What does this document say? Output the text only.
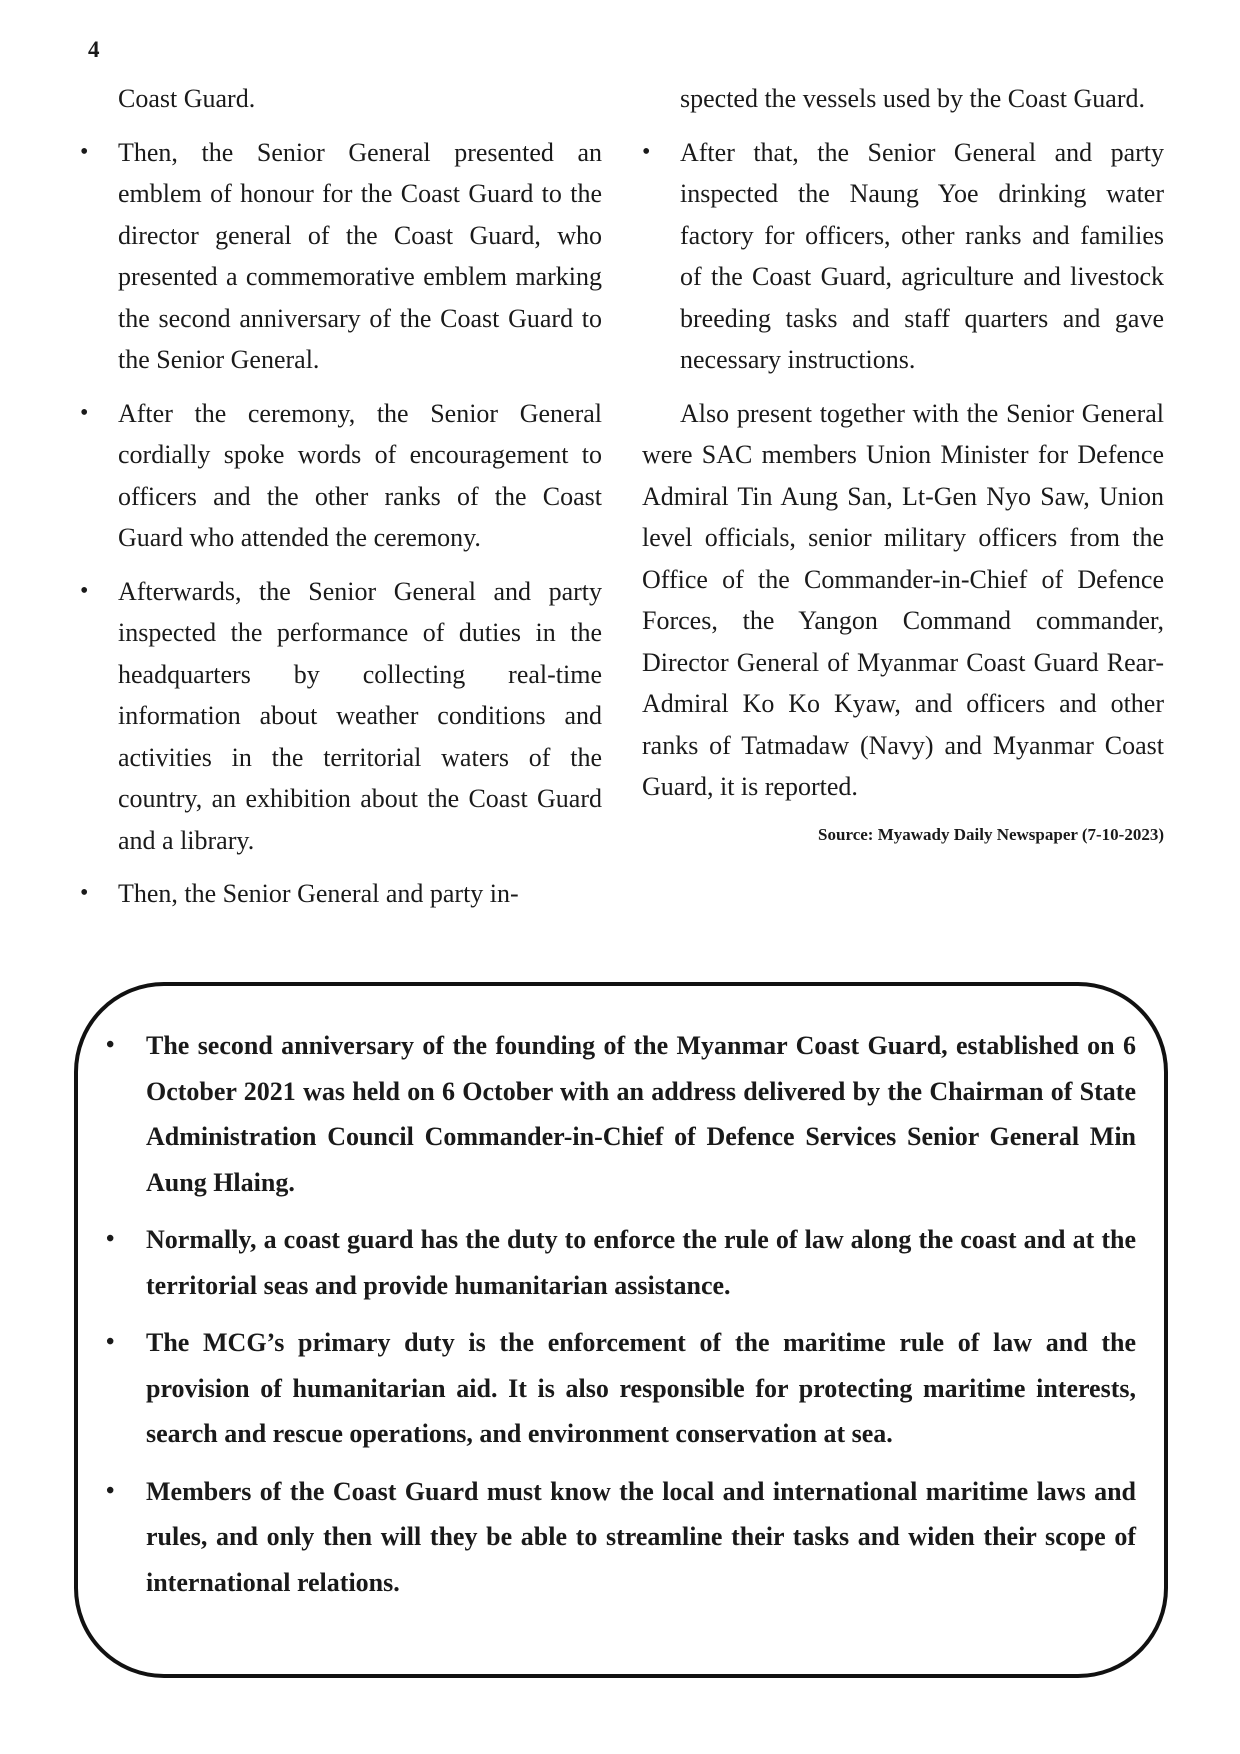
4
Coast Guard.
• Then, the Senior General presented an emblem of honour for the Coast Guard to the director general of the Coast Guard, who presented a commemorative emblem marking the second anniversary of the Coast Guard to the Senior General.
• After the ceremony, the Senior General cordially spoke words of encouragement to officers and the other ranks of the Coast Guard who attended the ceremony.
• Afterwards, the Senior General and party inspected the performance of duties in the headquarters by collecting real-time information about weather conditions and activities in the territorial waters of the country, an exhibition about the Coast Guard and a library.
• Then, the Senior General and party in-
spected the vessels used by the Coast Guard.
• After that, the Senior General and party inspected the Naung Yoe drinking water factory for officers, other ranks and families of the Coast Guard, agriculture and livestock breeding tasks and staff quarters and gave necessary instructions.
Also present together with the Senior General were SAC members Union Minister for Defence Admiral Tin Aung San, Lt-Gen Nyo Saw, Union level officials, senior military officers from the Office of the Commander-in-Chief of Defence Forces, the Yangon Command commander, Director General of Myanmar Coast Guard Rear-Admiral Ko Ko Kyaw, and officers and other ranks of Tatmadaw (Navy) and Myanmar Coast Guard, it is reported.
Source: Myawady Daily Newspaper (7-10-2023)
• The second anniversary of the founding of the Myanmar Coast Guard, established on 6 October 2021 was held on 6 October with an address delivered by the Chairman of State Administration Council Commander-in-Chief of Defence Services Senior General Min Aung Hlaing.
• Normally, a coast guard has the duty to enforce the rule of law along the coast and at the territorial seas and provide humanitarian assistance.
• The MCG’s primary duty is the enforcement of the maritime rule of law and the provision of humanitarian aid. It is also responsible for protecting maritime interests, search and rescue operations, and environment conservation at sea.
• Members of the Coast Guard must know the local and international maritime laws and rules, and only then will they be able to streamline their tasks and widen their scope of international relations.
